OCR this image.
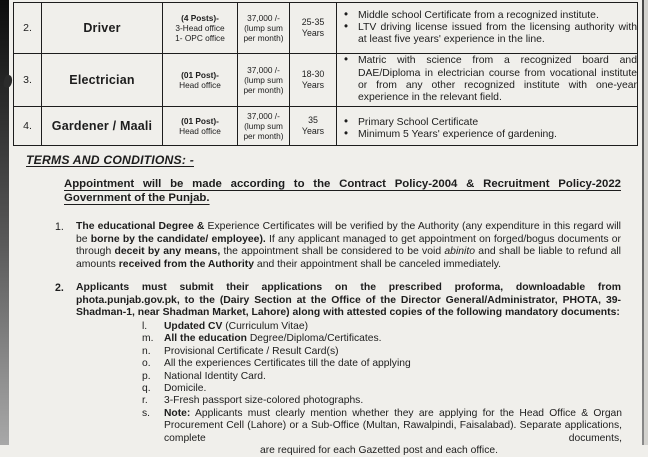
2.	Driver	
(4 Posts)-
3-Head office
1- OPC office

37,000 /-
(lump sum
per month)

25-35
Years

• Middle school Certificate from a recognized institute.
• LTV driving license issued from the licensing authority with at least five years' experience in the line.

3.	Electrician	(01 Post)-
Head office

37,000 /-
(lump sum
per month)

18-30
Years

• Matric with science from a recognized board and DAE/Diploma in electrician course from vocational institute or from any other recognized institute with one-year experience in the relevant field.

4.	Gardener / Maali	(01 Post)-
Head office

37,000 /-
(lump sum
per month)

35
Years

• Primary School Certificate
• Minimum 5 Years' experience of gardening.
TERMS AND CONDITIONS: -
Appointment will be made according to the Contract Policy-2004 & Recruitment Policy-2022
Government of the Punjab.
1. The educational Degree & Experience Certificates will be verified by the Authority (any expenditure in this regard will be borne by the candidate/ employee). If any applicant managed to get appointment on forged/bogus documents or through deceit by any means, the appointment shall be considered to be void abinito and shall be liable to refund all amounts received from the Authority and their appointment shall be canceled immediately.
2. Applicants must submit their applications on the prescribed proforma, downloadable from phota.punjab.gov.pk, to the (Dairy Section at the Office of the Director General/Administrator, PHOTA, 39-Shadman-1, near Shadman Market, Lahore) along with attested copies of the following mandatory documents:
l. Updated CV (Curriculum Vitae)
m. All the education Degree/Diploma/Certificates.
n. Provisional Certificate / Result Card(s)
o. All the experiences Certificates till the date of applying
p. National Identity Card.
q. Domicile.
r. 3-Fresh passport size-colored photographs.
s. Note: Applicants must clearly mention whether they are applying for the Head Office & Organ Procurement Cell (Lahore) or a Sub-Office (Multan, Rawalpindi, Faisalabad). Separate applications, complete documents,
are required for each Gazetted post and each office.
